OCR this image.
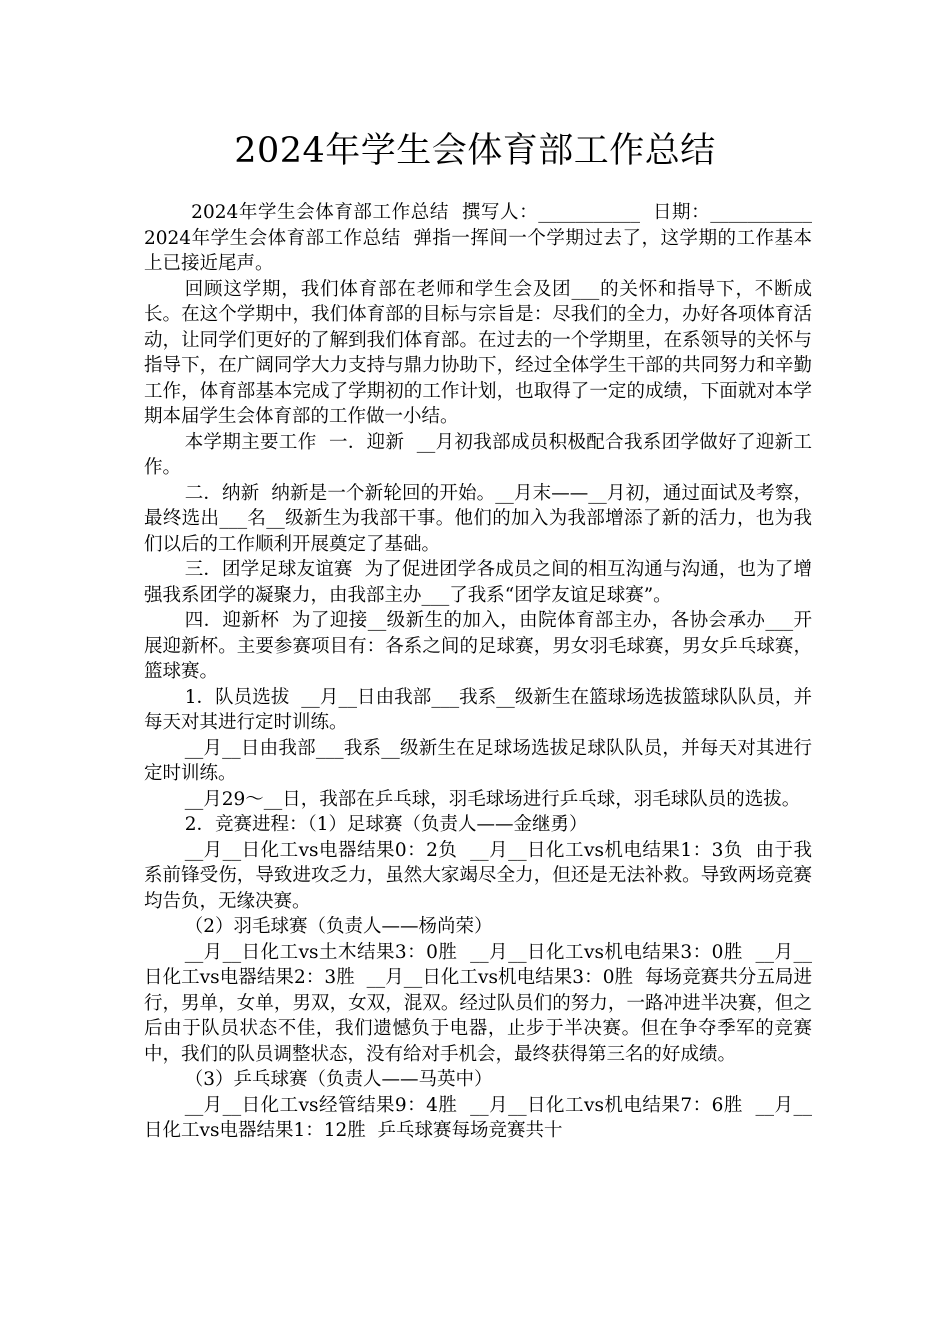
2024年学生会体育部工作总结

2024年学生会体育部工作总结  撰写人：___________  日期：___________  2024年学生会体育部工作总结  弹指一挥间一个学期过去了，这学期的工作基本上已接近尾声。

回顾这学期，我们体育部在老师和学生会及团___的关怀和指导下，不断成长。在这个学期中，我们体育部的目标与宗旨是：尽我们的全力，办好各项体育活动，让同学们更好的了解到我们体育部。在过去的一个学期里，在系领导的关怀与指导下，在广阔同学大力支持与鼎力协助下，经过全体学生干部的共同努力和辛勤工作，体育部基本完成了学期初的工作计划，也取得了一定的成绩，下面就对本学期本届学生会体育部的工作做一小结。

本学期主要工作  一．迎新  __月初我部成员积极配合我系团学做好了迎新工作。

二．纳新  纳新是一个新轮回的开始。__月末——__月初，通过面试及考察，最终选出___名__级新生为我部干事。他们的加入为我部增添了新的活力，也为我们以后的工作顺利开展奠定了基础。

三．团学足球友谊赛  为了促进团学各成员之间的相互沟通与沟通，也为了增强我系团学的凝聚力，由我部主办___了我系“团学友谊足球赛”。

四．迎新杯  为了迎接__级新生的加入，由院体育部主办，各协会承办___开展迎新杯。主要参赛项目有：各系之间的足球赛，男女羽毛球赛，男女乒乓球赛，篮球赛。

1．队员选拔  __月__日由我部___我系__级新生在篮球场选拔篮球队队员，并每天对其进行定时训练。

__月__日由我部___我系__级新生在足球场选拔足球队队员，并每天对其进行定时训练。

__月29～__日，我部在乒乓球，羽毛球场进行乒乓球，羽毛球队员的选拔。

2．竞赛进程：（1）足球赛（负责人——金继勇）

__月__日化工vs电器结果0：2负  __月__日化工vs机电结果1：3负  由于我系前锋受伤，导致进攻乏力，虽然大家竭尽全力，但还是无法补救。导致两场竞赛均告负，无缘决赛。

（2）羽毛球赛（负责人——杨尚荣）

__月__日化工vs土木结果3：0胜  __月__日化工vs机电结果3：0胜  __月__日化工vs电器结果2：3胜  __月__日化工vs机电结果3：0胜  每场竞赛共分五局进行，男单，女单，男双，女双，混双。经过队员们的努力，一路冲进半决赛，但之后由于队员状态不佳，我们遗憾负于电器，止步于半决赛。但在争夺季军的竞赛中，我们的队员调整状态，没有给对手机会，最终获得第三名的好成绩。

（3）乒乓球赛（负责人——马英中）

__月__日化工vs经管结果9：4胜  __月__日化工vs机电结果7：6胜  __月__日化工vs电器结果1：12胜  乒乓球赛每场竞赛共十
